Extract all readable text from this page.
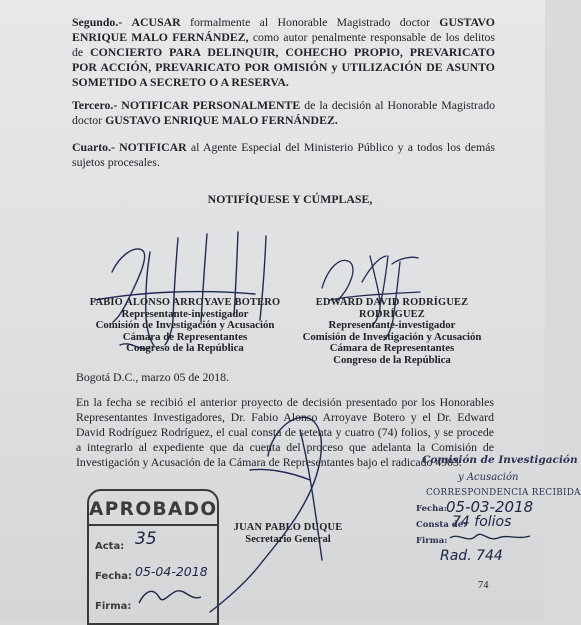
Segundo.- ACUSAR formalmente al Honorable Magistrado doctor GUSTAVO ENRIQUE MALO FERNÁNDEZ, como autor penalmente responsable de los delitos de CONCIERTO PARA DELINQUIR, COHECHO PROPIO, PREVARICATO POR ACCIÓN, PREVARICATO POR OMISIÓN y UTILIZACIÓN DE ASUNTO SOMETIDO A SECRETO O A RESERVA.
Tercero.- NOTIFICAR PERSONALMENTE de la decisión al Honorable Magistrado doctor GUSTAVO ENRIQUE MALO FERNÁNDEZ.
Cuarto.- NOTIFICAR al Agente Especial del Ministerio Público y a todos los demás sujetos procesales.
NOTIFÍQUESE Y CÚMPLASE,
FABIO ALONSO ARROYAVE BOTERO
Representante-investigador
Comisión de Investigación y Acusación
Cámara de Representantes
Congreso de la República
EDWARD DAVID RODRÍGUEZ RODRÍGUEZ
Representante-investigador
Comisión de Investigación y Acusación
Cámara de Representantes
Congreso de la República
Bogotá D.C., marzo 05 de 2018.
En la fecha se recibió el anterior proyecto de decisión presentado por los Honorables Representantes Investigadores, Dr. Fabio Alonso Arroyave Botero y el Dr. Edward David Rodríguez Rodríguez, el cual consta de setenta y cuatro (74) folios, y se procede a integrarlo al expediente que da cuenta del proceso que adelanta la Comisión de Investigación y Acusación de la Cámara de Representantes bajo el radicado 4903.
JUAN PABLO DUQUE
Secretario General
Comisión de Investigación
y Acusación
CORRESPONDENCIA RECIBIDA
Fecha: 05-03-2018
Consta de:
74 folios
Firma:
Rad. 744
APROBADO
Acta: 35
Fecha: 05-04-2018
Firma:
74
